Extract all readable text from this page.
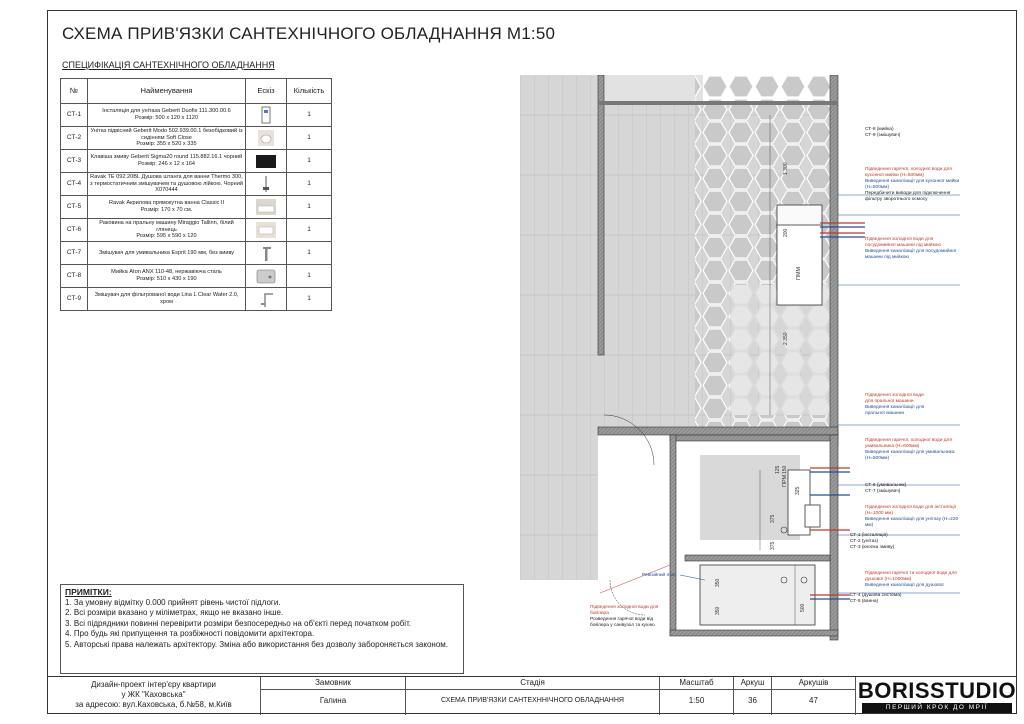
СХЕМА ПРИВ'ЯЗКИ САНТЕХНІЧНОГО ОБЛАДНАННЯ М1:50
СПЕЦИФІКАЦІЯ САНТЕХНІЧНОГО ОБЛАДНАННЯ
№	Найменування	Ескіз	Кількість
СТ-1	Інсталяція для унітаза Geberit Duofix 111.300.00.6
Розмір: 500 x 120 x 1120		1
СТ-2	Унітаз підвісний Geberit Modo 502.939.00.1 безобідковий із сидінням Soft Close
Розмір: 355 x 520 x 335		1
СТ-3	Клавіша змиву Geberit Sigma20 round 115.882.16.1 чорний
Розмір: 246 x 12 x 164		1
СТ-4	Ravak TE 092.20BL Душова штанга для ванни Thermo 300, з термостатичним змішувачем та душовою лійкою. Чорний X070444		1
СТ-5	Ravak Акрилова прямокутна ванна Classic II
Розмір: 170 x 70 см.		1
СТ-6	Раковина на пральну машину Miraggio Tallinn, білий глянець
Розмір: 595 x 590 x 120		1
СТ-7	Змішувач для умивальника Esprit 190 мм, без вииву		1
СТ-8	Мийка Aton ANX 110-48, нержавіюча сталь
Розмір: 510 x 430 x 190		1
СТ-9	Змішувач для фільтрованої води Lina L Clear Water 2.0, хром		1
ПРИМІТКИ:

1. За умовну відмітку 0.000 прийнят рівень чистої підлоги.

2. Всі розміри вказано у міліметрах, якщо не вказано інше.

3. Всі підрядники повинні перевірити розміри безпосередньо на об'єкті перед початком робіт.

4. Про будь які припущення та розбіжності повідомити архітектора.

5. Авторські права належать архітектору. Зміна або використання без дозволу забороняється законом.

1 300
200
2 350
125 150
325
375
375
350
350	500
ПММ
ПРМ
СТ-8 (мийка)
СТ-9 (змішувач)
Підведення гарячої, холодної води для кухонної мийки (Н=500мм)
Виведення каналізації для кухонної мийки (Н=500мм)
Передбачити виводи для підключення фільтру зворотнього осмосу
Підведення холодної води для посудомийної машини під мийкою
Виведення каналізації для посудомийної машини під мийкою
Підведення холодної води для пральної машини
Виведення каналізації для пральної машини
Підведення гарячої, холодної води для умивальника (Н=600мм)
Виведення каналізації для умивальника (Н=500мм)
СТ-6 (умивальник)
СТ-7 (змішувач)
Підведення холодної води для інсталяції (Н=1000 мм)
Виведення каналізації для унітазу (Н=220 мм)
СТ-1 (інсталяція)
СТ-2 (унітаз)
СТ-3 (кнопка змиву)
Підведення гарячої та холодної води для душової (Н=1000мм)
Виведення каналізації для душової
СТ-4 (душова система)
СТ-5 (ванна)
Ревізійний люк
Підведення холодної води для бойлера
Розведення гарячої води від бойлера у санвузол та кухню
Дизайн-проект інтер'єру квартири
у ЖК "Каховська"
за адресою: вул.Каховська, б.№58, м.Київ
Замовник
Галина
Стадія
СХЕМА ПРИВ'ЯЗКИ САНТЕХННІЧНОГО ОБЛАДНАННЯ
Масштаб
1:50
Аркуш
36
Аркушів
47	BORISSTUDIO
ПЕРШИЙ КРОК ДО МРІЇ
